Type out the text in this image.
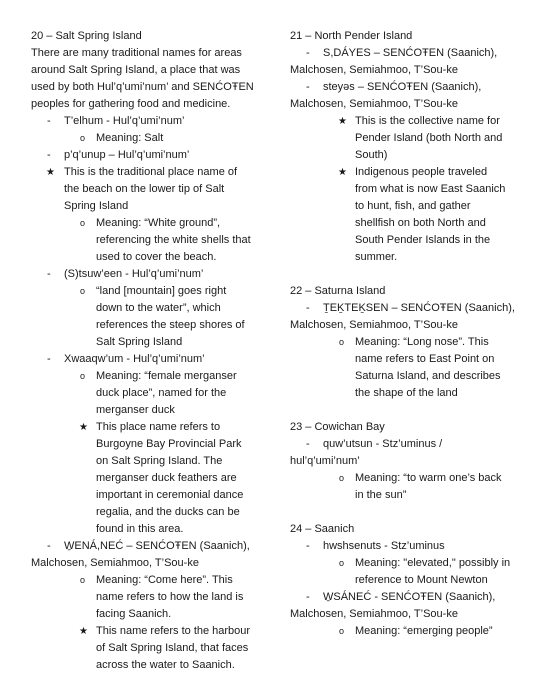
20 – Salt Spring Island
There are many traditional names for areas
around Salt Spring Island, a place that was
used by both Hul’q’umi’num’ and SENĆOŦEN
peoples for gathering food and medicine.
- T’elhum - Hul’q’umi’num’
o Meaning: Salt
- p’q’unup – Hul’q’umi’num’
★ This is the traditional place name of
the beach on the lower tip of Salt
Spring Island
o Meaning: “White ground”,
referencing the white shells that
used to cover the beach.
- (S)tsuw’een - Hul’q’umi’num’
o “land [mountain] goes right
down to the water”, which
references the steep shores of
Salt Spring Island
- Xwaaqw’um - Hul’q’umi’num’
o Meaning: “female merganser
duck place”, named for the
merganser duck
★ This place name refers to
Burgoyne Bay Provincial Park
on Salt Spring Island. The
merganser duck feathers are
important in ceremonial dance
regalia, and the ducks can be
found in this area.
- W̱ENÁ,NEĆ – SENĆOŦEN (Saanich),
Malchosen, Semiahmoo, T’Sou-ke
o Meaning: “Come here”. This
name refers to how the land is
facing Saanich.
★ This name refers to the harbour
of Salt Spring Island, that faces
across the water to Saanich.
21 – North Pender Island
- S,DÁYES – SENĆOŦEN (Saanich),
Malchosen, Semiahmoo, T’Sou-ke
- steyəs – SENĆOŦEN (Saanich),
Malchosen, Semiahmoo, T’Sou-ke
★ This is the collective name for
Pender Island (both North and
South)
★ Indigenous people traveled
from what is now East Saanich
to hunt, fish, and gather
shellfish on both North and
South Pender Islands in the
summer.
22 – Saturna Island
- ṮEḴTEḴSEN – SENĆOŦEN (Saanich),
Malchosen, Semiahmoo, T’Sou-ke
o Meaning: “Long nose”. This
name refers to East Point on
Saturna Island, and describes
the shape of the land
23 – Cowichan Bay
- quw’utsun - Stz’uminus /
hul’q’umi’num’
o Meaning: “to warm one’s back
in the sun”
24 – Saanich
- hwshsenuts - Stz’uminus
o Meaning: "elevated," possibly in
reference to Mount Newton
- W̱SÁNEĆ - SENĆOŦEN (Saanich),
Malchosen, Semiahmoo, T’Sou-ke
o Meaning: “emerging people”
